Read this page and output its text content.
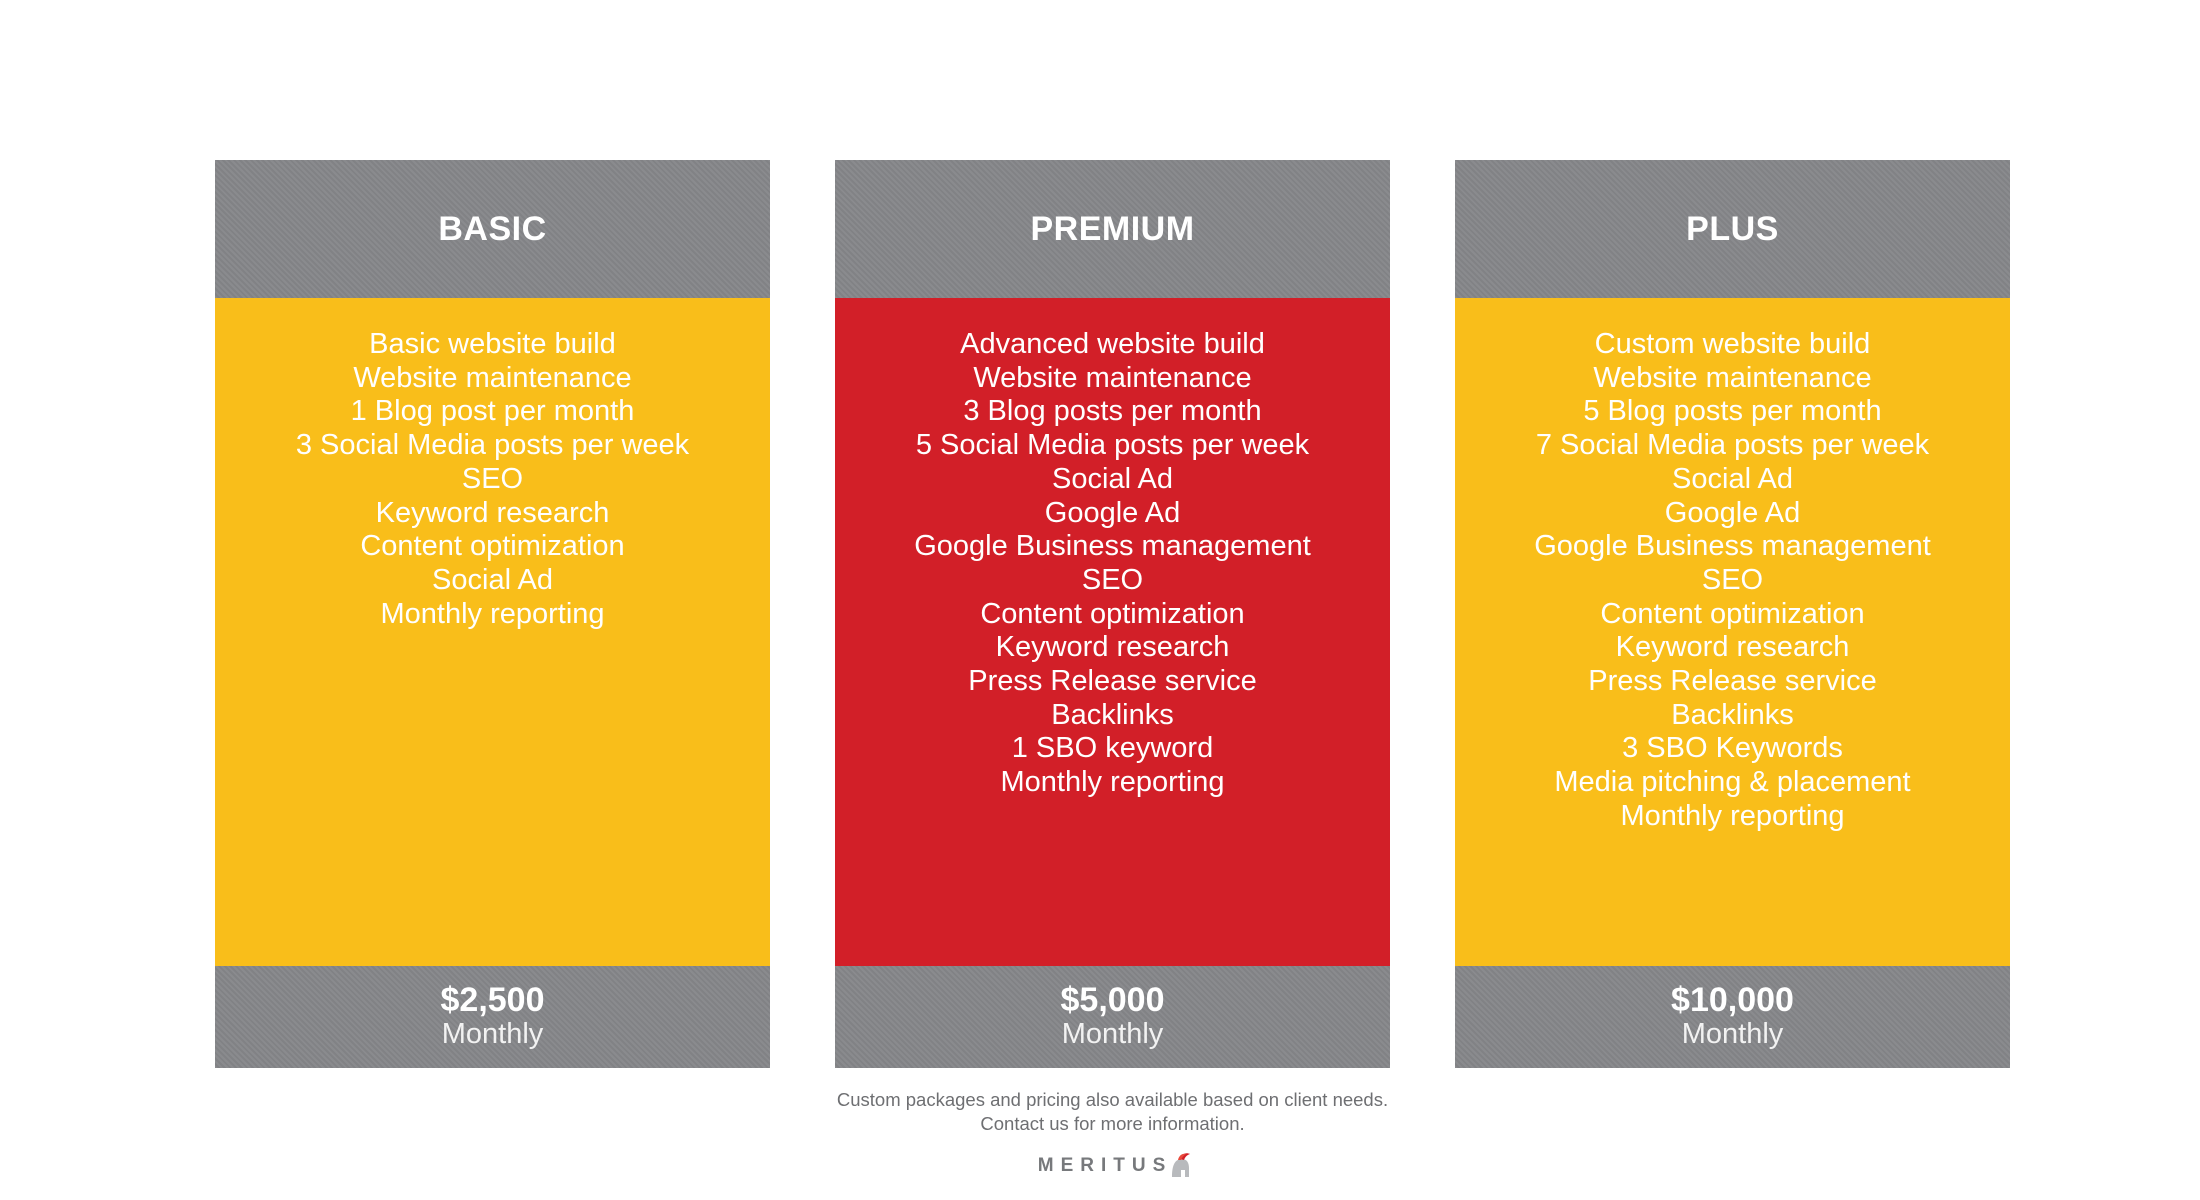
BASIC
Basic website build
Website maintenance
1 Blog post per month
3 Social Media posts per week
SEO
Keyword research
Content optimization
Social Ad
Monthly reporting
$2,500
Monthly
PREMIUM
Advanced website build
Website maintenance
3 Blog posts per month
5 Social Media posts per week
Social Ad
Google Ad
Google Business management
SEO
Content optimization
Keyword research
Press Release service
Backlinks
1 SBO keyword
Monthly reporting
$5,000
Monthly
PLUS
Custom website build
Website maintenance
5 Blog posts per month
7 Social Media posts per week
Social Ad
Google Ad
Google Business management
SEO
Content optimization
Keyword research
Press Release service
Backlinks
3 SBO Keywords
Media pitching & placement
Monthly reporting
$10,000
Monthly
Custom packages and pricing also available based on client needs.
Contact us for more information.
MERITUS
